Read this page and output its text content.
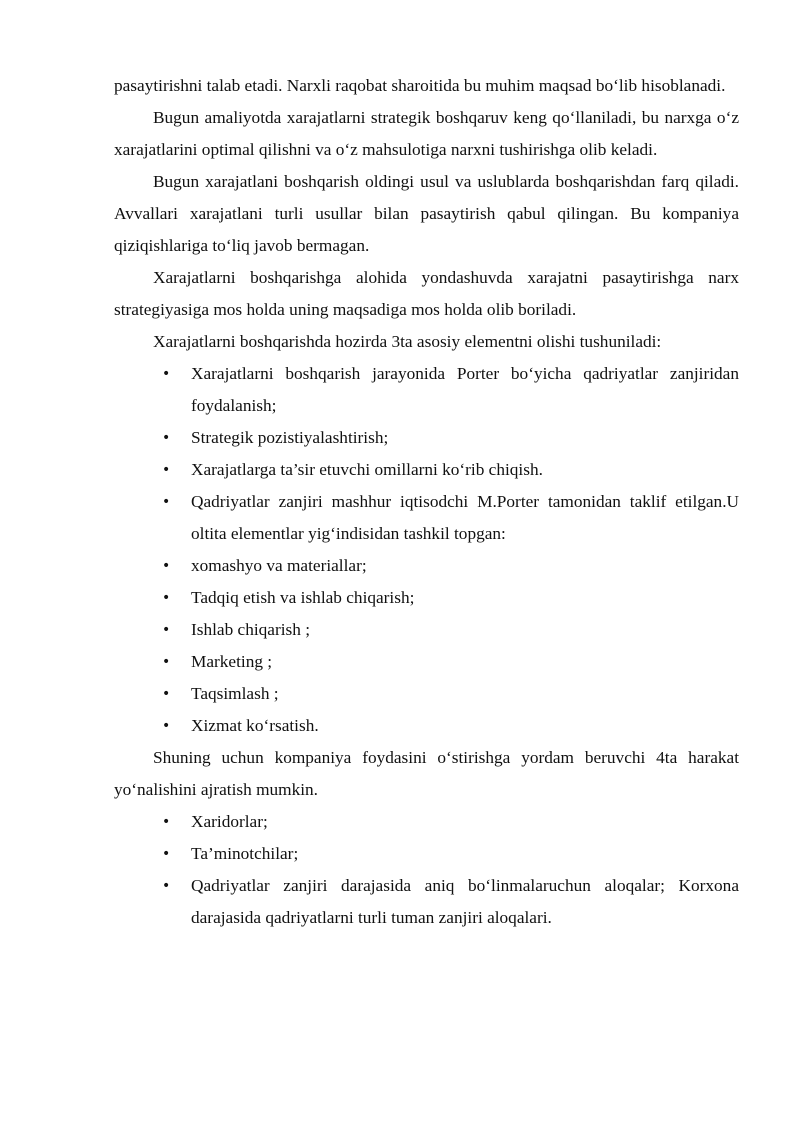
pasaytirishni talab etadi. Narxli raqobat sharoitida bu muhim maqsad bo‘lib hisoblanadi.

Bugun amaliyotda xarajatlarni strategik boshqaruv keng qo‘llaniladi, bu narxga o‘z xarajatlarini optimal qilishni va o‘z mahsulotiga narxni tushirishga olib keladi.

Bugun xarajatlani boshqarish oldingi usul va uslublarda boshqarishdan farq qiladi. Avvallari xarajatlani turli usullar bilan pasaytirish qabul qilingan. Bu kompaniya qiziqishlariga to‘liq javob bermagan.

Xarajatlarni boshqarishga alohida yondashuvda xarajatni pasaytirishga narx strategiyasiga mos holda uning maqsadiga mos holda olib boriladi.

Xarajatlarni boshqarishda hozirda 3ta asosiy elementni olishi tushuniladi:

• Xarajatlarni boshqarish jarayonida Porter bo‘yicha qadriyatlar zanjiridan foydalanish;
• Strategik pozistiyalashtirish;
• Xarajatlarga ta’sir etuvchi omillarni ko‘rib chiqish.
• Qadriyatlar zanjiri mashhur iqtisodchi M.Porter tamonidan taklif etilgan.U oltita elementlar yig‘indisidan tashkil topgan:
• xomashyo va materiallar;
• Tadqiq etish va ishlab chiqarish;
• Ishlab chiqarish ;
• Marketing ;
• Taqsimlash ;
• Xizmat ko‘rsatish.

Shuning uchun kompaniya foydasini o‘stirishga yordam beruvchi 4ta harakat yo‘nalishini ajratish mumkin.

• Xaridorlar;
• Ta’minotchilar;
• Qadriyatlar zanjiri darajasida aniq bo‘linmalaruchun aloqalar; Korxona darajasida qadriyatlarni turli tuman zanjiri aloqalari.
